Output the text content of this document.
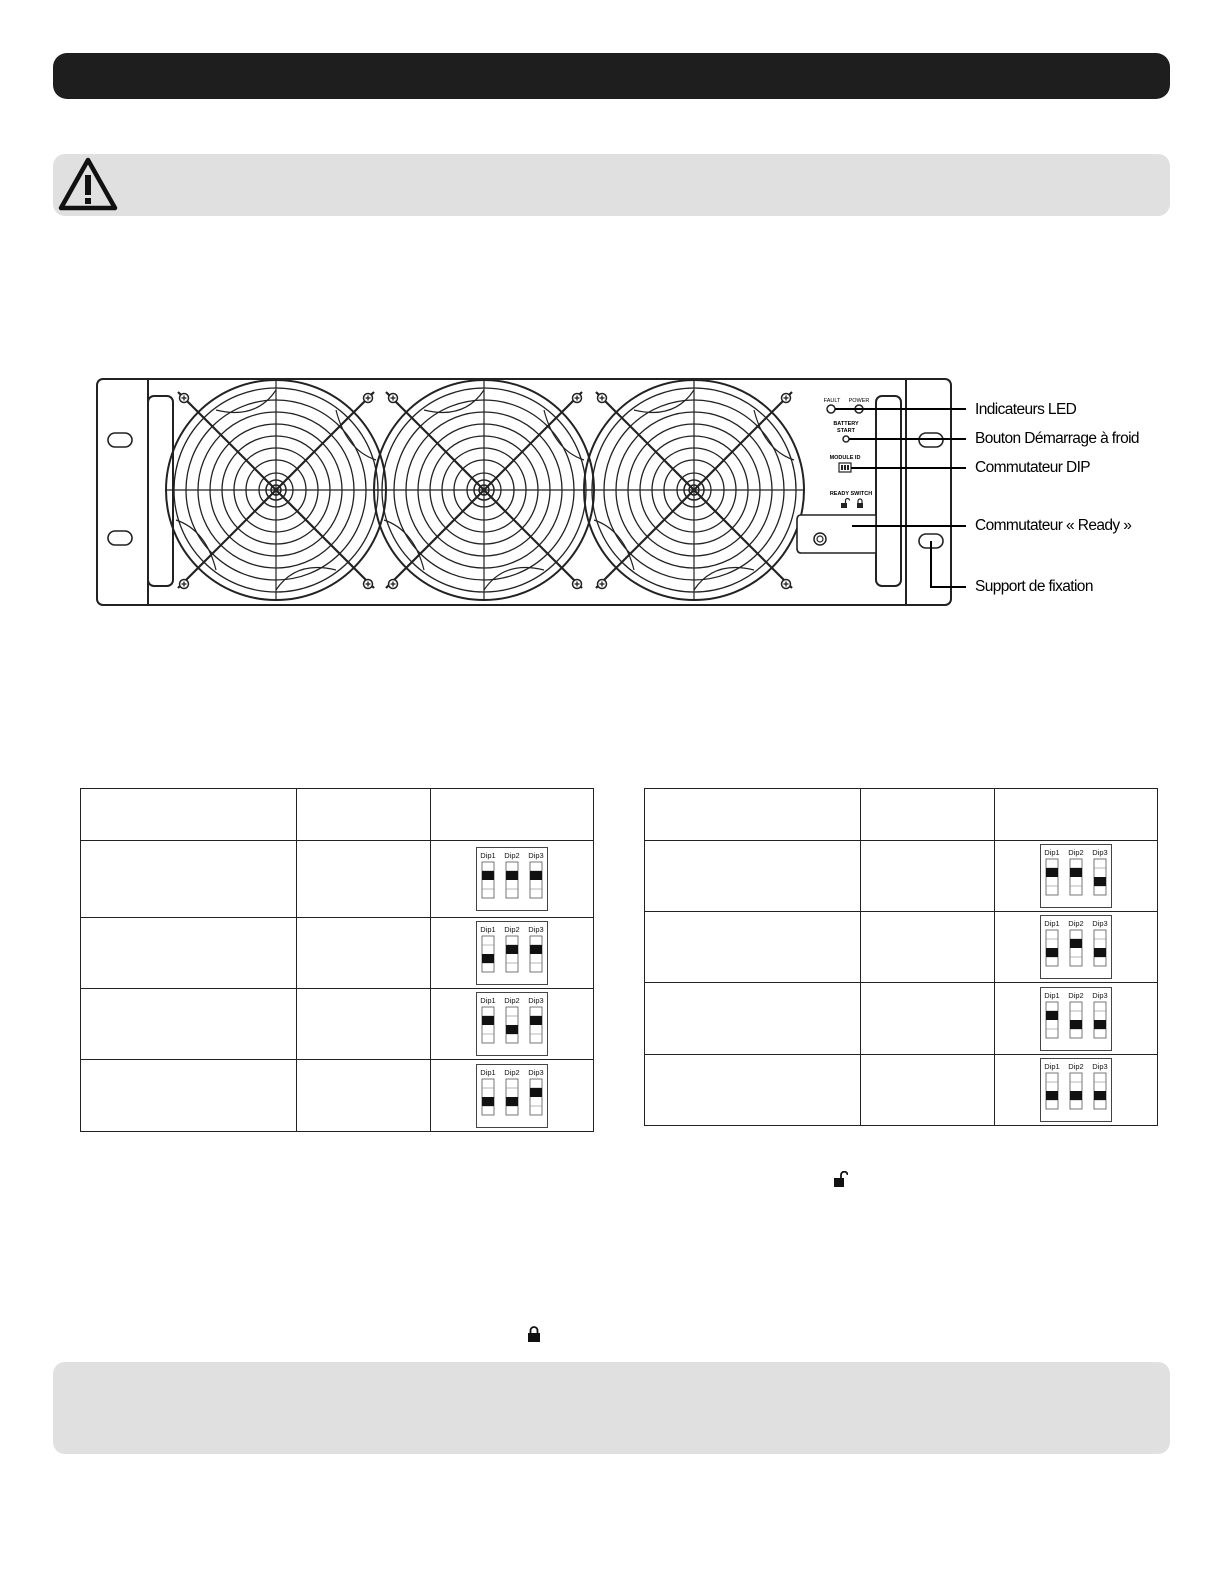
FAULT POWER
BATTERY
START
MODULE ID
READY SWITCH
Indicateurs LED
Bouton Démarrage à froid
Commutateur DIP
Commutateur « Ready »
Support de fixation

Dip1 Dip2 Dip3

Dip1 Dip2 Dip3

Dip1 Dip2 Dip3

Dip1 Dip2 Dip3

Dip1 Dip2 Dip3

Dip1 Dip2 Dip3

Dip1 Dip2 Dip3

Dip1 Dip2 Dip3
